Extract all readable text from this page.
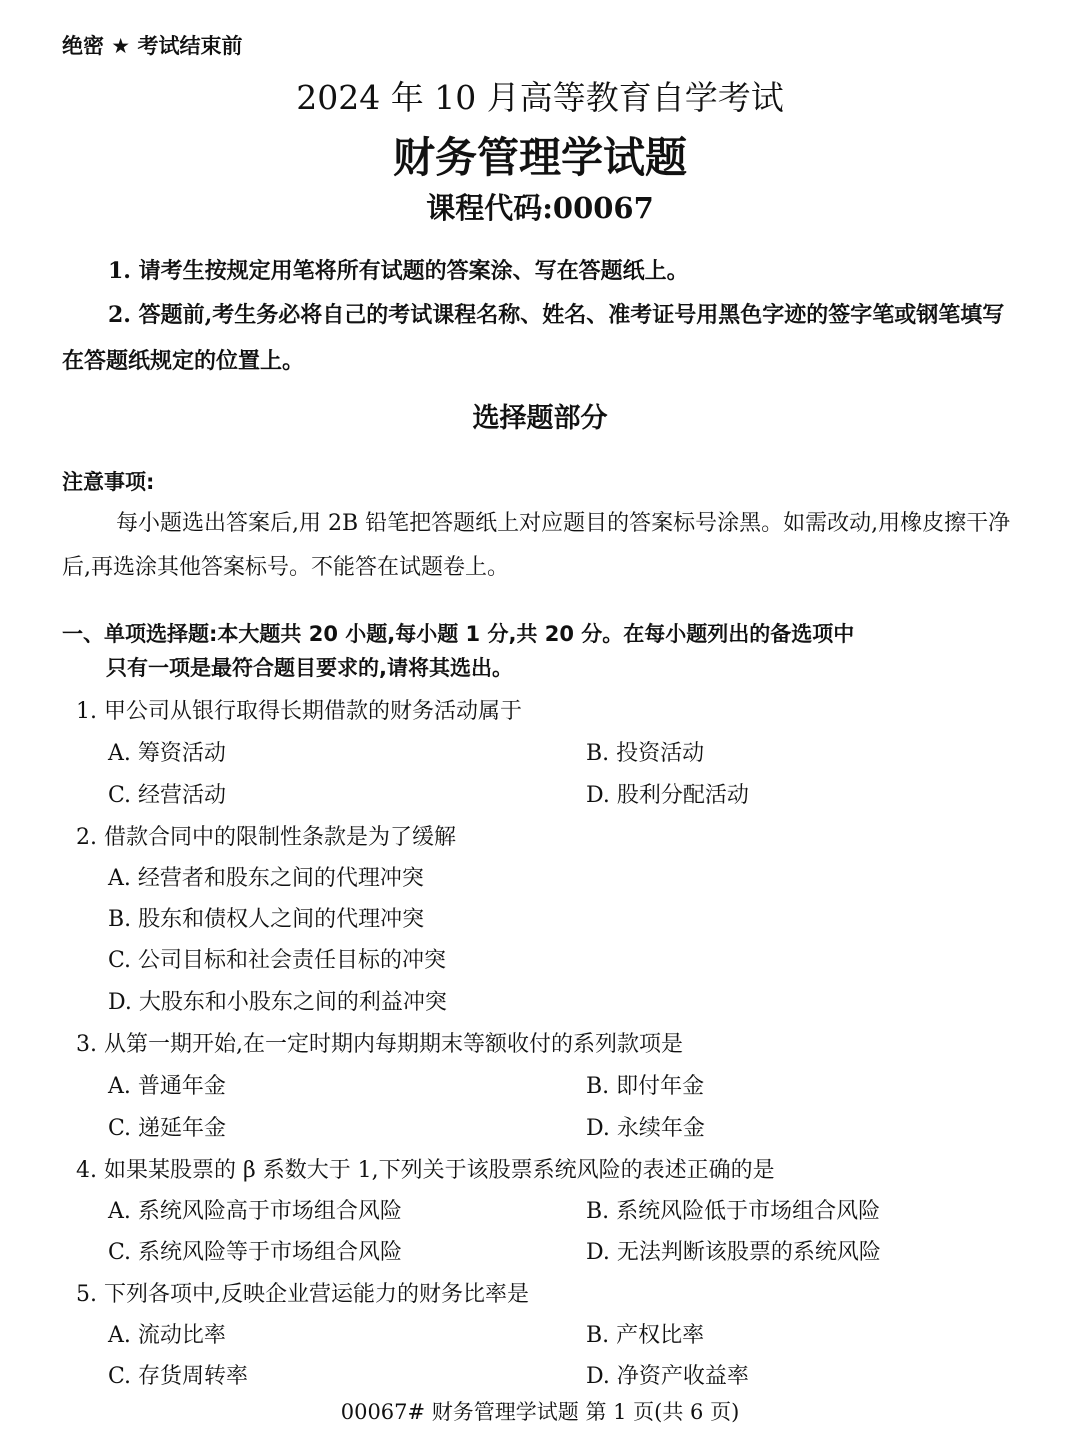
绝密 ★ 考试结束前
2024 年 10 月高等教育自学考试
财务管理学试题
课程代码:00067
1. 请考生按规定用笔将所有试题的答案涂、写在答题纸上。
2. 答题前,考生务必将自己的考试课程名称、姓名、准考证号用黑色字迹的签字笔或钢笔填写在答题纸规定的位置上。
选择题部分
注意事项:
每小题选出答案后,用 2B 铅笔把答题纸上对应题目的答案标号涂黑。如需改动,用橡皮擦干净后,再选涂其他答案标号。不能答在试题卷上。
一、单项选择题:本大题共 20 小题,每小题 1 分,共 20 分。在每小题列出的备选项中
只有一项是最符合题目要求的,请将其选出。
1. 甲公司从银行取得长期借款的财务活动属于
A. 筹资活动	B. 投资活动
C. 经营活动	D. 股利分配活动
2. 借款合同中的限制性条款是为了缓解
A. 经营者和股东之间的代理冲突
B. 股东和债权人之间的代理冲突
C. 公司目标和社会责任目标的冲突
D. 大股东和小股东之间的利益冲突
3. 从第一期开始,在一定时期内每期期末等额收付的系列款项是
A. 普通年金	B. 即付年金
C. 递延年金	D. 永续年金
4. 如果某股票的 β 系数大于 1,下列关于该股票系统风险的表述正确的是
A. 系统风险高于市场组合风险	B. 系统风险低于市场组合风险
C. 系统风险等于市场组合风险	D. 无法判断该股票的系统风险
5. 下列各项中,反映企业营运能力的财务比率是
A. 流动比率	B. 产权比率
C. 存货周转率	D. 净资产收益率
00067# 财务管理学试题 第 1 页(共 6 页)
